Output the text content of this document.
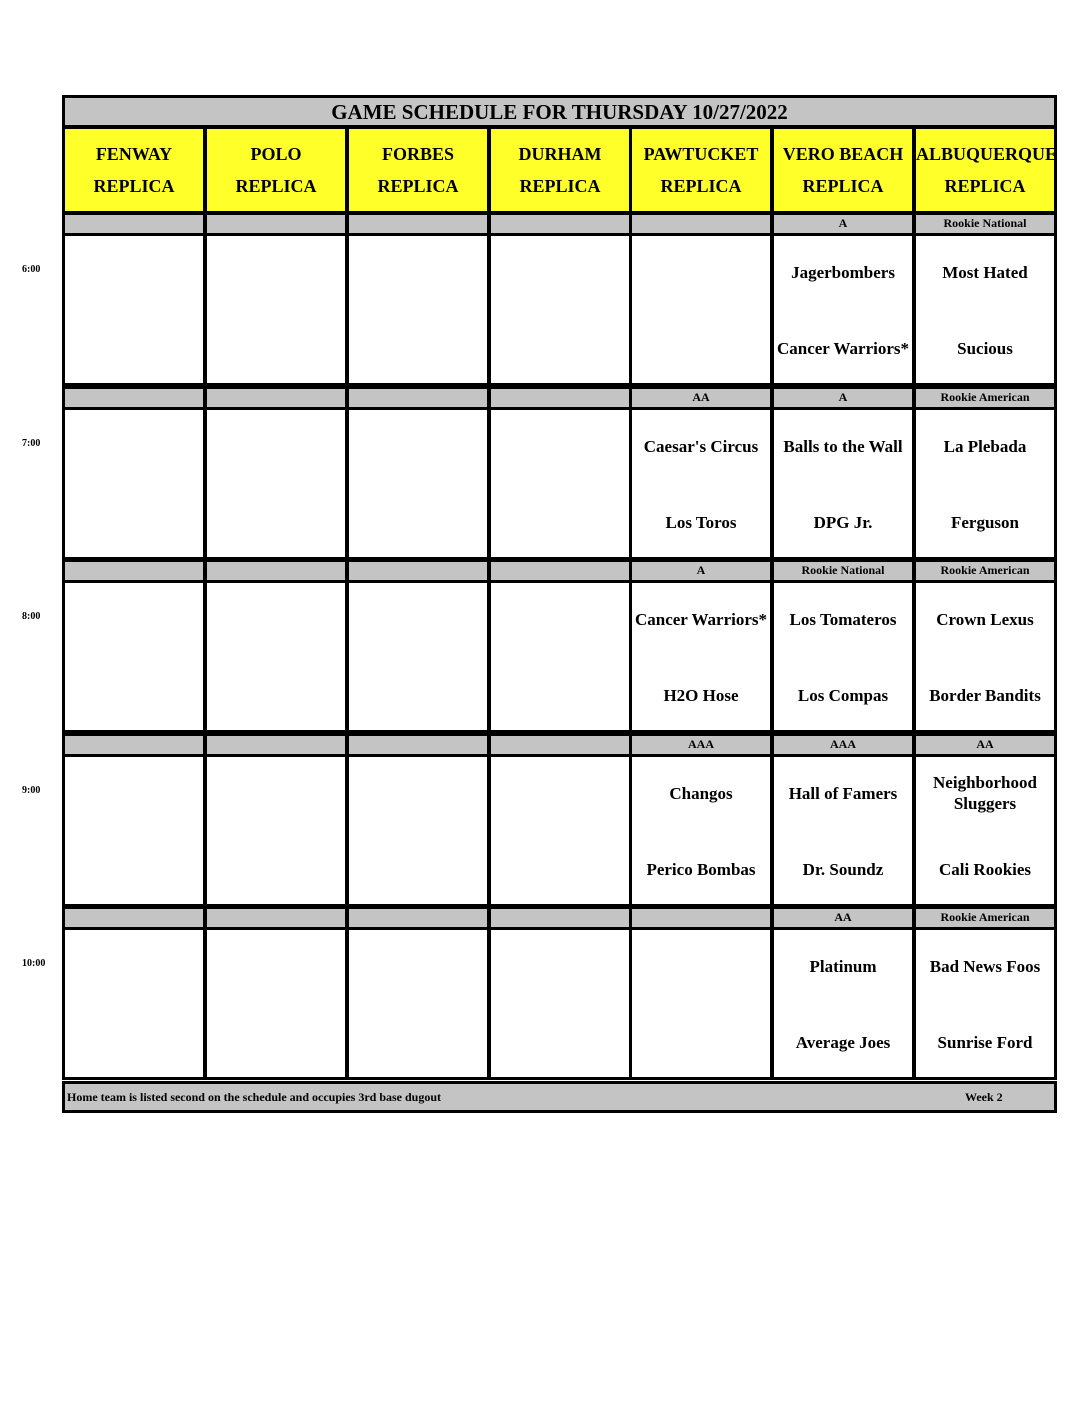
GAME SCHEDULE FOR THURSDAY 10/27/2022
FENWAY
REPLICA
POLO
REPLICA
FORBES
REPLICA
DURHAM
REPLICA
PAWTUCKET
REPLICA
VERO BEACH
REPLICA
ALBUQUERQUE
REPLICA
A
Jagerbombers
Cancer Warriors*
Rookie National
Most Hated
Sucious
AA
Caesar's Circus
Los Toros
A
Balls to the Wall
DPG Jr.
Rookie American
La Plebada
Ferguson
A
Cancer Warriors*
H2O Hose
Rookie National
Los Tomateros
Los Compas
Rookie American
Crown Lexus
Border Bandits
AAA
Changos
Perico Bombas
AAA
Hall of Famers
Dr. Soundz
AA
Neighborhood Sluggers
Cali Rookies
AA
Platinum
Average Joes
Rookie American
Bad News Foos
Sunrise Ford
Home team is listed second on the schedule and occupies 3rd base dugout	Week 2
6:00
7:00
8:00
9:00
10:00
